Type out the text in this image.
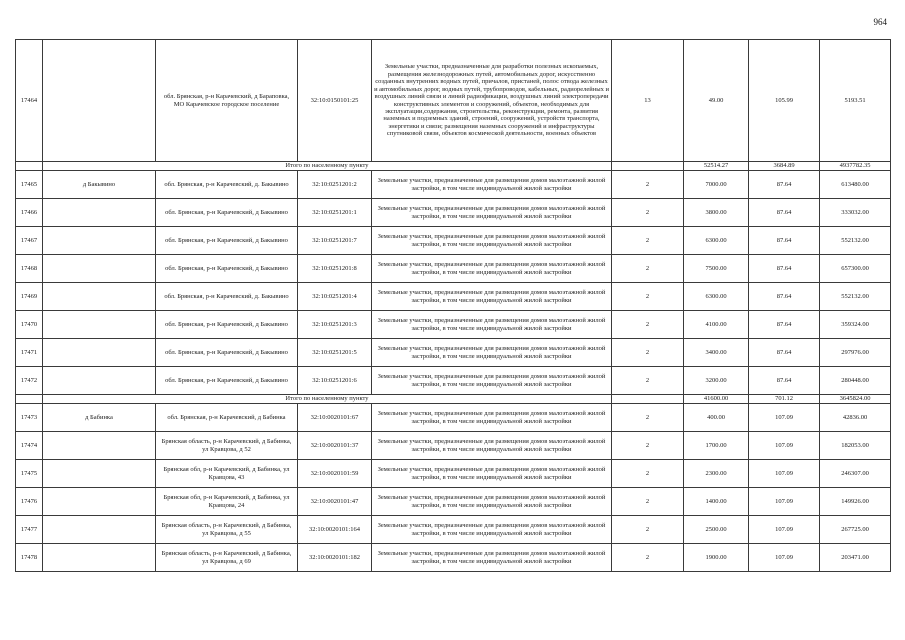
964
17464		обл. Брянская, р-н Карачевский, д Бараповка, МО Карачевское городское поселение	32:10:0150101:25	Земельные участки, предназначенные для разработки полезных ископаемых, размещения железнодорожных путей, автомобильных дорог, искусственно созданных внутренних водных путей, причалов, пристаней, полос отвода железных и автомобильных дорог, водных путей, трубопроводов, кабельных, радиорелейных и воздушных линий связи и линий радиофикации, воздушных линий электропередачи конструктивных элементов и сооружений, объектов, необходимых для эксплуатации,содержания, строительства, реконструкции, ремонта, развития наземных и подземных зданий, строений, сооружений, устройств транспорта, энергетики и связи; размещения наземных сооружений и инфраструктуры спутниковой связи, объектов космической деятельности, военных объектов	13	49.00	105.99	5193.51
	Итого по населенному пункту					52514.27	3684.89	4937782.35
17465	д Бакывино	обл. Брянская, р-н Карачевский, д. Бакывино	32:10:0251201:2	Земельные участки, предназначенные для размещения домов малоэтажной жилой застройки, в том числе индивидуальной жилой застройки	2	7000.00	87.64	613480.00
17466		обл. Брянская, р-н Карачевский, д Бакывино	32:10:0251201:1	Земельные участки, предназначенные для размещения домов малоэтажной жилой застройки, в том числе индивидуальной жилой застройки	2	3800.00	87.64	333032.00
17467		обл. Брянская, р-н Карачевский, д Бакывино	32:10:0251201:7	Земельные участки, предназначенные для размещения домов малоэтажной жилой застройки, в том числе индивидуальной жилой застройки	2	6300.00	87.64	552132.00
17468		обл. Брянская, р-н Карачевский, д Бакывино	32:10:0251201:8	Земельные участки, предназначенные для размещения домов малоэтажной жилой застройки, в том числе индивидуальной жилой застройки	2	7500.00	87.64	657300.00
17469		обл. Брянская, р-н Карачевский, д. Бакывино	32:10:0251201:4	Земельные участки, предназначенные для размещения домов малоэтажной жилой застройки, в том числе индивидуальной жилой застройки	2	6300.00	87.64	552132.00
17470		обл. Брянская, р-н Карачевский, д Бакывино	32:10:0251201:3	Земельные участки, предназначенные для размещения домов малоэтажной жилой застройки, в том числе индивидуальной жилой застройки	2	4100.00	87.64	359324.00
17471		обл. Брянская, р-н Карачевский, д Бакывино	32:10:0251201:5	Земельные участки, предназначенные для размещения домов малоэтажной жилой застройки, в том числе индивидуальной жилой застройки	2	3400.00	87.64	297976.00
17472		обл. Брянская, р-н Карачевский, д Бакывино	32:10:0251201:6	Земельные участки, предназначенные для размещения домов малоэтажной жилой застройки, в том числе индивидуальной жилой застройки	2	3200.00	87.64	280448.00
	Итого по населенному пункту					41600.00	701.12	3645824.00
17473	д Бабинка	обл. Брянская, р-н Карачевский, д Бабинка	32:10:0020101:67	Земельные участки, предназначенные для размещения домов малоэтажной жилой застройки, в том числе индивидуальной жилой застройки	2	400.00	107.09	42836.00
17474		Брянская область, р-н Карачевский, д Бабинка, ул Кравцова, д 52	32:10:0020101:37	Земельные участки, предназначенные для размещения домов малоэтажной жилой застройки, в том числе индивидуальной жилой застройки	2	1700.00	107.09	182053.00
17475		Брянская обл, р-н Карачевский, д Бабинка, ул Кравцова, 43	32:10:0020101:59	Земельные участки, предназначенные для размещения домов малоэтажной жилой застройки, в том числе индивидуальной жилой застройки	2	2300.00	107.09	246307.00
17476		Брянская обл, р-н Карачевский, д Бабинка, ул Кравцова, 24	32:10:0020101:47	Земельные участки, предназначенные для размещения домов малоэтажной жилой застройки, в том числе индивидуальной жилой застройки	2	1400.00	107.09	149926.00
17477		Брянская область, р-н Карачевский, д Бабинка, ул Кравцова, д 55	32:10:0020101:164	Земельные участки, предназначенные для размещения домов малоэтажной жилой застройки, в том числе индивидуальной жилой застройки	2	2500.00	107.09	267725.00
17478		Брянская область, р-н Карачевский, д Бабинка, ул Кравцова, д 69	32:10:0020101:182	Земельные участки, предназначенные для размещения домов малоэтажной жилой застройки, в том числе индивидуальной жилой застройки	2	1900.00	107.09	203471.00
